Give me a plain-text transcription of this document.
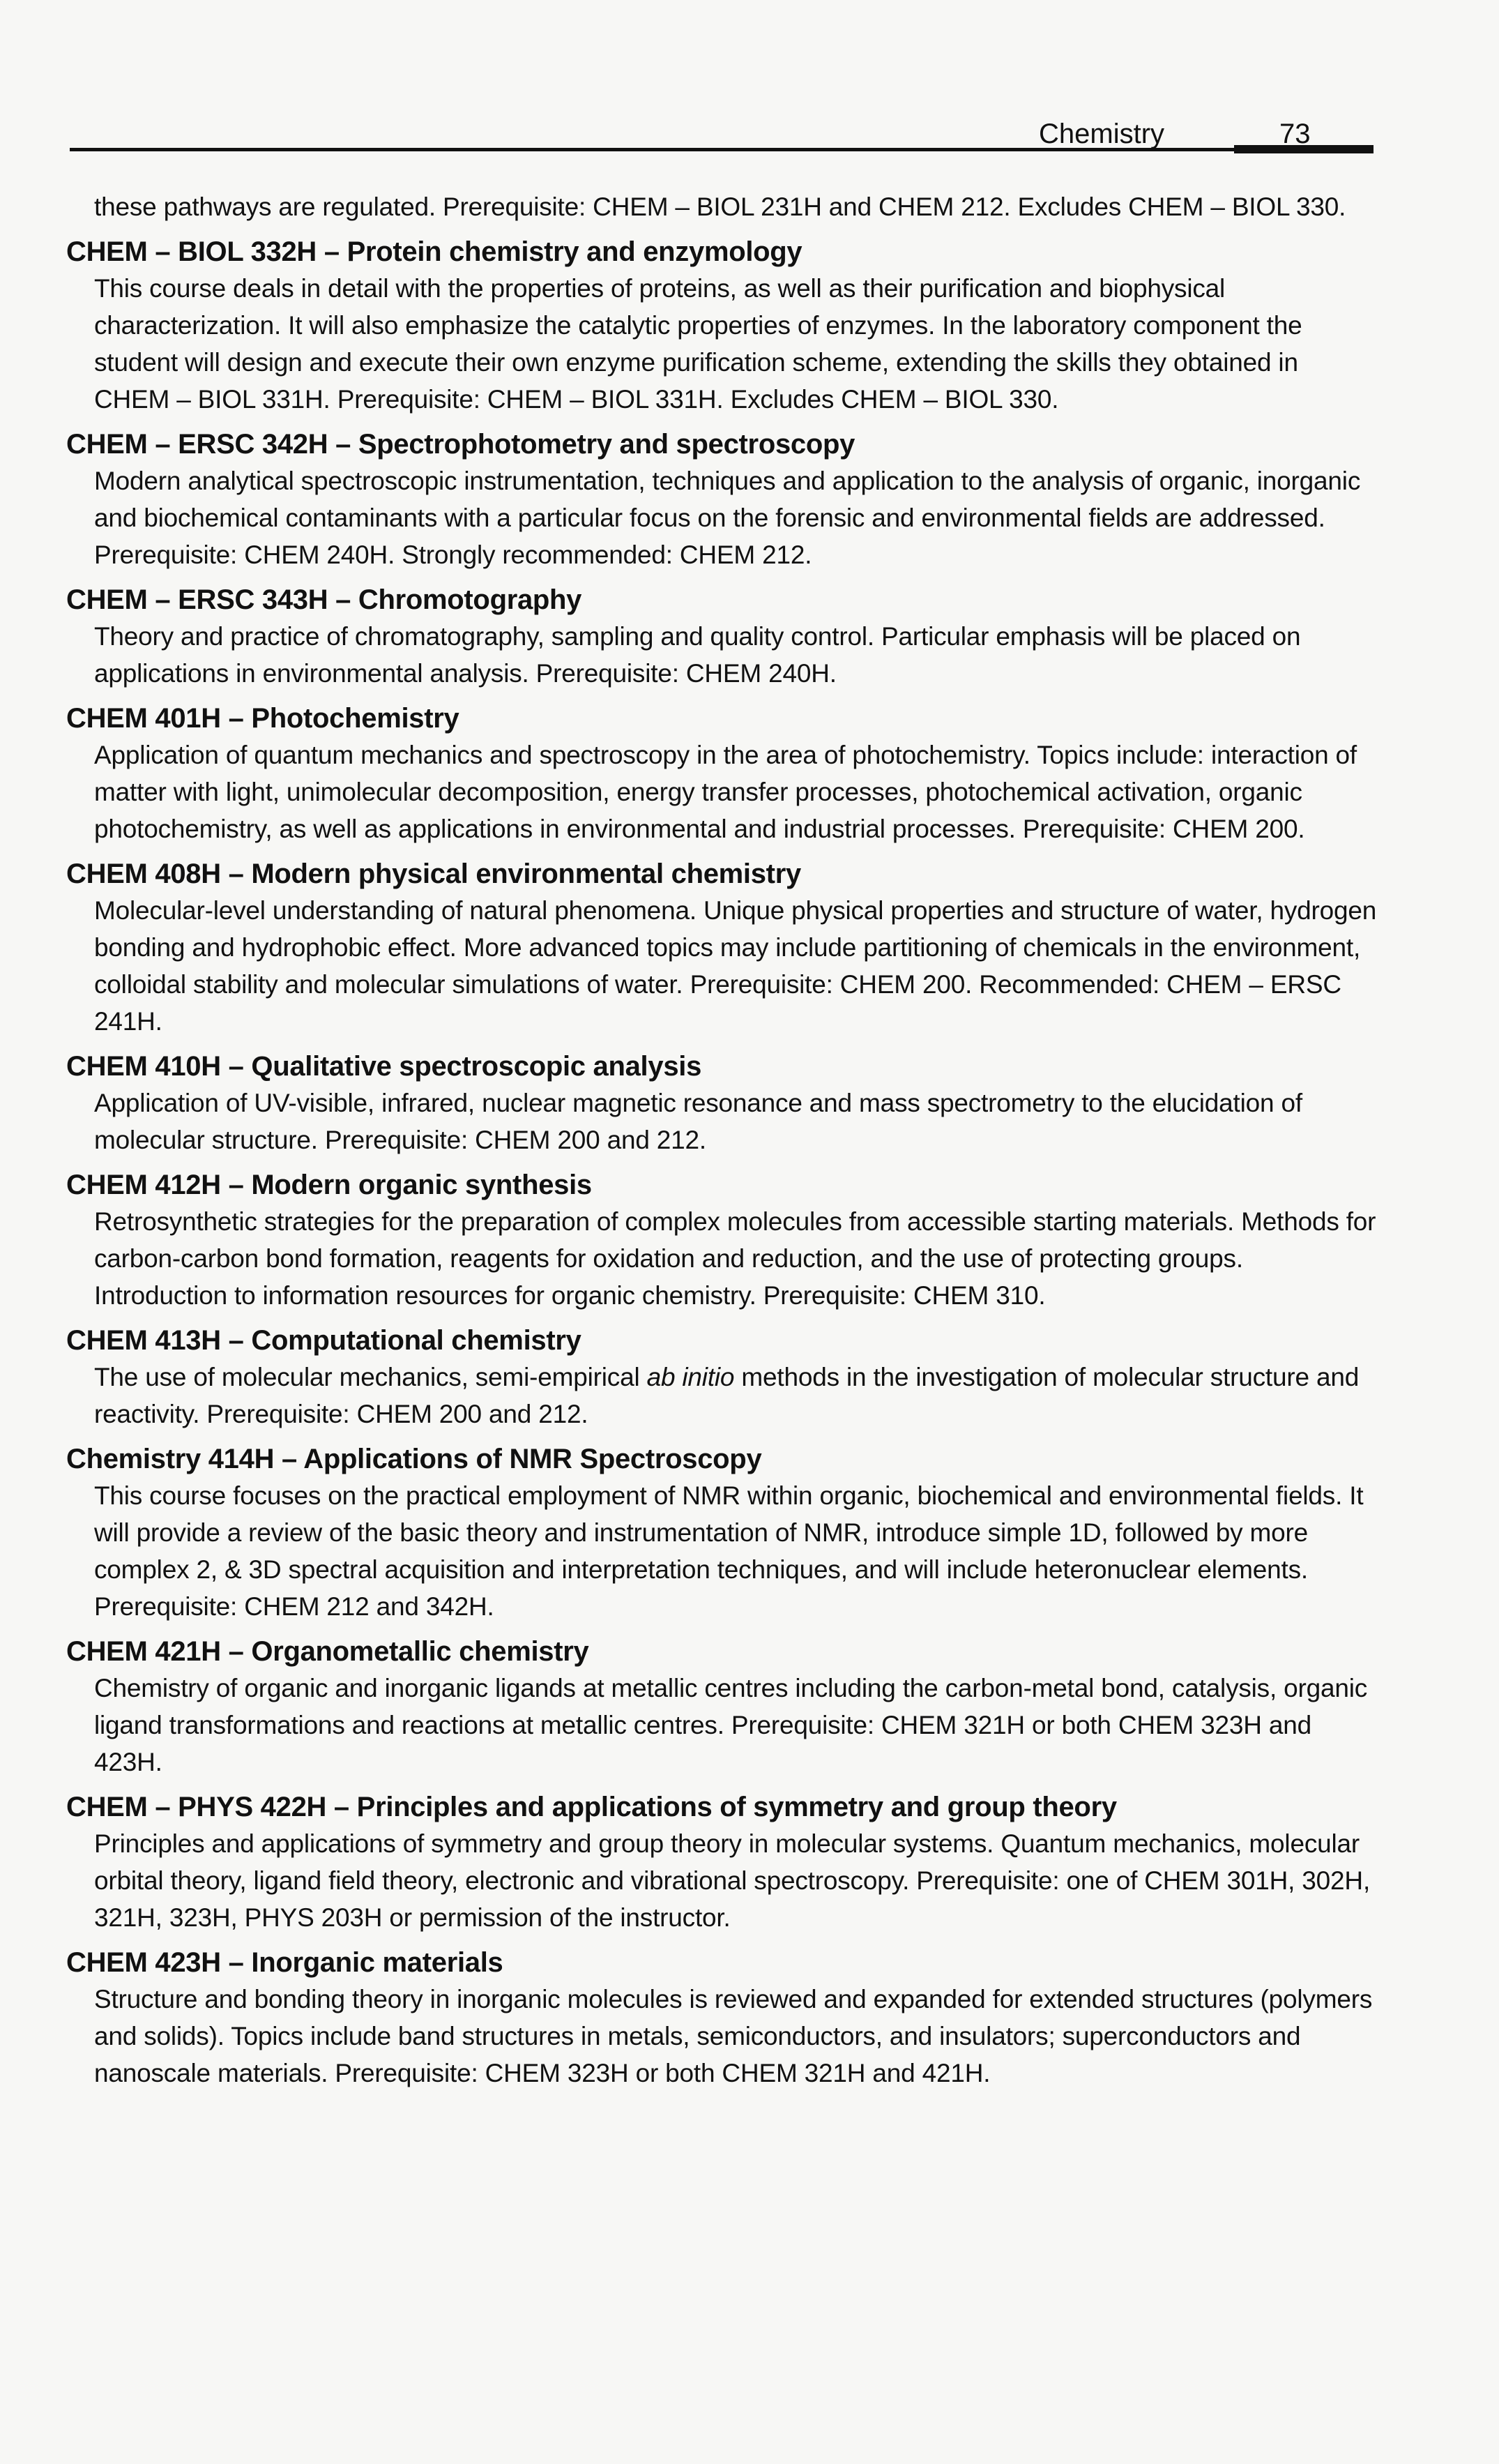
Chemistry	73

these pathways are regulated. Prerequisite: CHEM – BIOL 231H and CHEM 212. Excludes CHEM – BIOL 330.

CHEM – BIOL 332H – Protein chemistry and enzymology

This course deals in detail with the properties of proteins, as well as their purification and biophysical characterization. It will also emphasize the catalytic properties of enzymes. In the laboratory component the student will design and execute their own enzyme purification scheme, extending the skills they obtained in CHEM – BIOL 331H. Prerequisite: CHEM – BIOL 331H. Excludes CHEM – BIOL 330.

CHEM – ERSC 342H – Spectrophotometry and spectroscopy

Modern analytical spectroscopic instrumentation, techniques and application to the analysis of organic, inorganic and biochemical contaminants with a particular focus on the forensic and environmental fields are addressed. Prerequisite: CHEM 240H. Strongly recommended: CHEM 212.

CHEM – ERSC 343H – Chromotography

Theory and practice of chromatography, sampling and quality control. Particular emphasis will be placed on applications in environmental analysis. Prerequisite: CHEM 240H.

CHEM 401H – Photochemistry

Application of quantum mechanics and spectroscopy in the area of photochemistry. Topics include: interaction of matter with light, unimolecular decomposition, energy transfer processes, photochemical activation, organic photochemistry, as well as applications in environmental and industrial processes. Prerequisite: CHEM 200.

CHEM 408H – Modern physical environmental chemistry

Molecular-level understanding of natural phenomena. Unique physical properties and structure of water, hydrogen bonding and hydrophobic effect. More advanced topics may include partitioning of chemicals in the environment, colloidal stability and molecular simulations of water. Prerequisite: CHEM 200. Recommended: CHEM – ERSC 241H.

CHEM 410H – Qualitative spectroscopic analysis

Application of UV-visible, infrared, nuclear magnetic resonance and mass spectrometry to the elucidation of molecular structure. Prerequisite: CHEM 200 and 212.

CHEM 412H – Modern organic synthesis

Retrosynthetic strategies for the preparation of complex molecules from accessible starting materials. Methods for carbon-carbon bond formation, reagents for oxidation and reduction, and the use of protecting groups. Introduction to information resources for organic chemistry. Prerequisite: CHEM 310.

CHEM 413H – Computational chemistry

The use of molecular mechanics, semi-empirical ab initio methods in the investigation of molecular structure and reactivity. Prerequisite: CHEM 200 and 212.

Chemistry 414H – Applications of NMR Spectroscopy

This course focuses on the practical employment of NMR within organic, biochemical and environmental fields. It will provide a review of the basic theory and instrumentation of NMR, introduce simple 1D, followed by more complex 2, & 3D spectral acquisition and interpretation techniques, and will include heteronuclear elements. Prerequisite: CHEM 212 and 342H.

CHEM 421H – Organometallic chemistry

Chemistry of organic and inorganic ligands at metallic centres including the carbon-metal bond, catalysis, organic ligand transformations and reactions at metallic centres. Prerequisite: CHEM 321H or both CHEM 323H and 423H.

CHEM – PHYS 422H – Principles and applications of symmetry and group theory

Principles and applications of symmetry and group theory in molecular systems. Quantum mechanics, molecular orbital theory, ligand field theory, electronic and vibrational spectroscopy. Prerequisite: one of CHEM 301H, 302H, 321H, 323H, PHYS 203H or permission of the instructor.

CHEM 423H – Inorganic materials

Structure and bonding theory in inorganic molecules is reviewed and expanded for extended structures (polymers and solids). Topics include band structures in metals, semiconductors, and insulators; superconductors and nanoscale materials. Prerequisite: CHEM 323H or both CHEM 321H and 421H.
